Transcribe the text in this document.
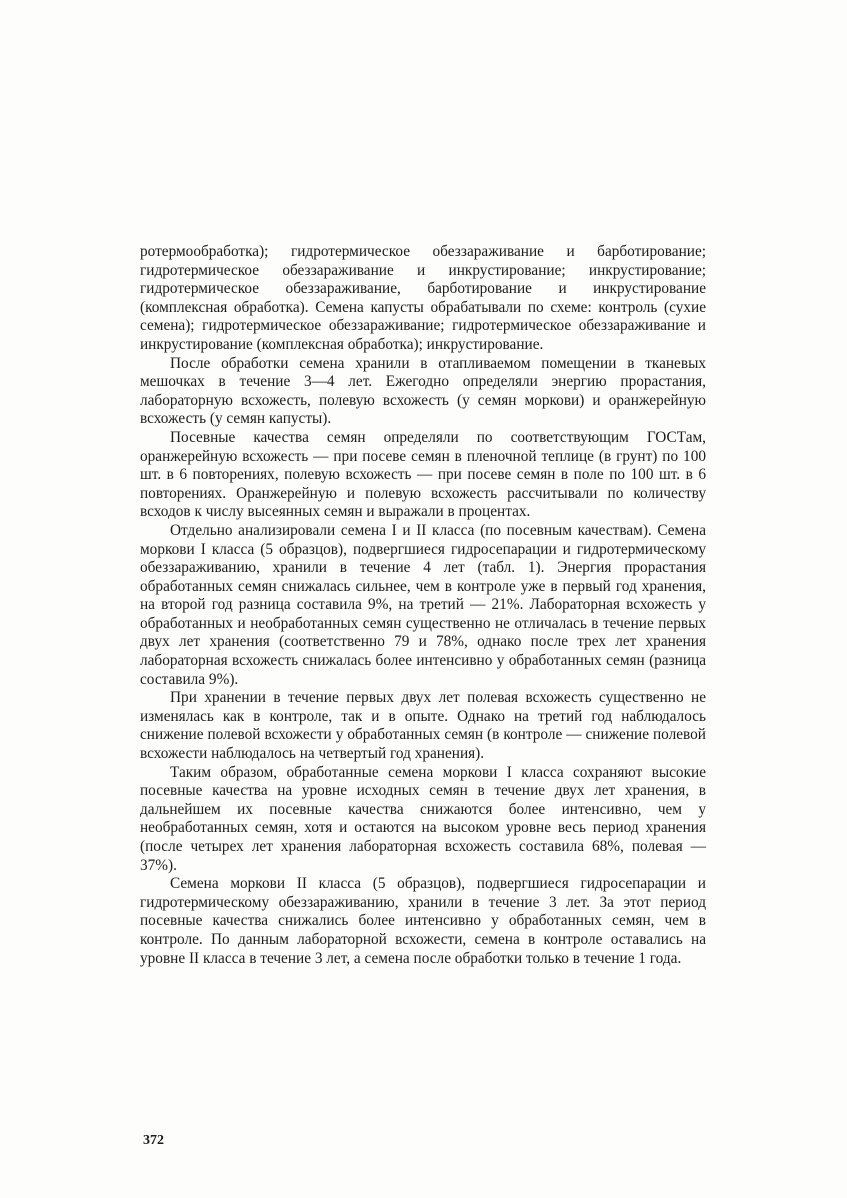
ротермообработка); гидротермическое обеззараживание и барботирование; гидротермическое обеззараживание и инкрустирование; инкрустирование; гидротермическое обеззараживание, барботирование и инкрустирование (комплексная обработка). Семена капусты обрабатывали по схеме: контроль (сухие семена); гидротермическое обеззараживание; гидротермическое обеззараживание и инкрустирование (комплексная обработка); инкрустирование.

После обработки семена хранили в отапливаемом помещении в тканевых мешочках в течение 3—4 лет. Ежегодно определяли энергию прорастания, лабораторную всхожесть, полевую всхожесть (у семян моркови) и оранжерейную всхожесть (у семян капусты).

Посевные качества семян определяли по соответствующим ГОСТам, оранжерейную всхожесть — при посеве семян в пленочной теплице (в грунт) по 100 шт. в 6 повторениях, полевую всхожесть — при посеве семян в поле по 100 шт. в 6 повторениях. Оранжерейную и полевую всхожесть рассчитывали по количеству всходов к числу высеянных семян и выражали в процентах.

Отдельно анализировали семена I и II класса (по посевным качествам). Семена моркови I класса (5 образцов), подвергшиеся гидросепарации и гидротермическому обеззараживанию, хранили в течение 4 лет (табл. 1). Энергия прорастания обработанных семян снижалась сильнее, чем в контроле уже в первый год хранения, на второй год разница составила 9%, на третий — 21%. Лабораторная всхожесть у обработанных и необработанных семян существенно не отличалась в течение первых двух лет хранения (соответственно 79 и 78%, однако после трех лет хранения лабораторная всхожесть снижалась более интенсивно у обработанных семян (разница составила 9%).

При хранении в течение первых двух лет полевая всхожесть существенно не изменялась как в контроле, так и в опыте. Однако на третий год наблюдалось снижение полевой всхожести у обработанных семян (в контроле — снижение полевой всхожести наблюдалось на четвертый год хранения).

Таким образом, обработанные семена моркови I класса сохраняют высокие посевные качества на уровне исходных семян в течение двух лет хранения, в дальнейшем их посевные качества снижаются более интенсивно, чем у необработанных семян, хотя и остаются на высоком уровне весь период хранения (после четырех лет хранения лабораторная всхожесть составила 68%, полевая — 37%).

Семена моркови II класса (5 образцов), подвергшиеся гидросепарации и гидротермическому обеззараживанию, хранили в течение 3 лет. За этот период посевные качества снижались более интенсивно у обработанных семян, чем в контроле. По данным лабораторной всхожести, семена в контроле оставались на уровне II класса в течение 3 лет, а семена после обработки только в течение 1 года.

372
